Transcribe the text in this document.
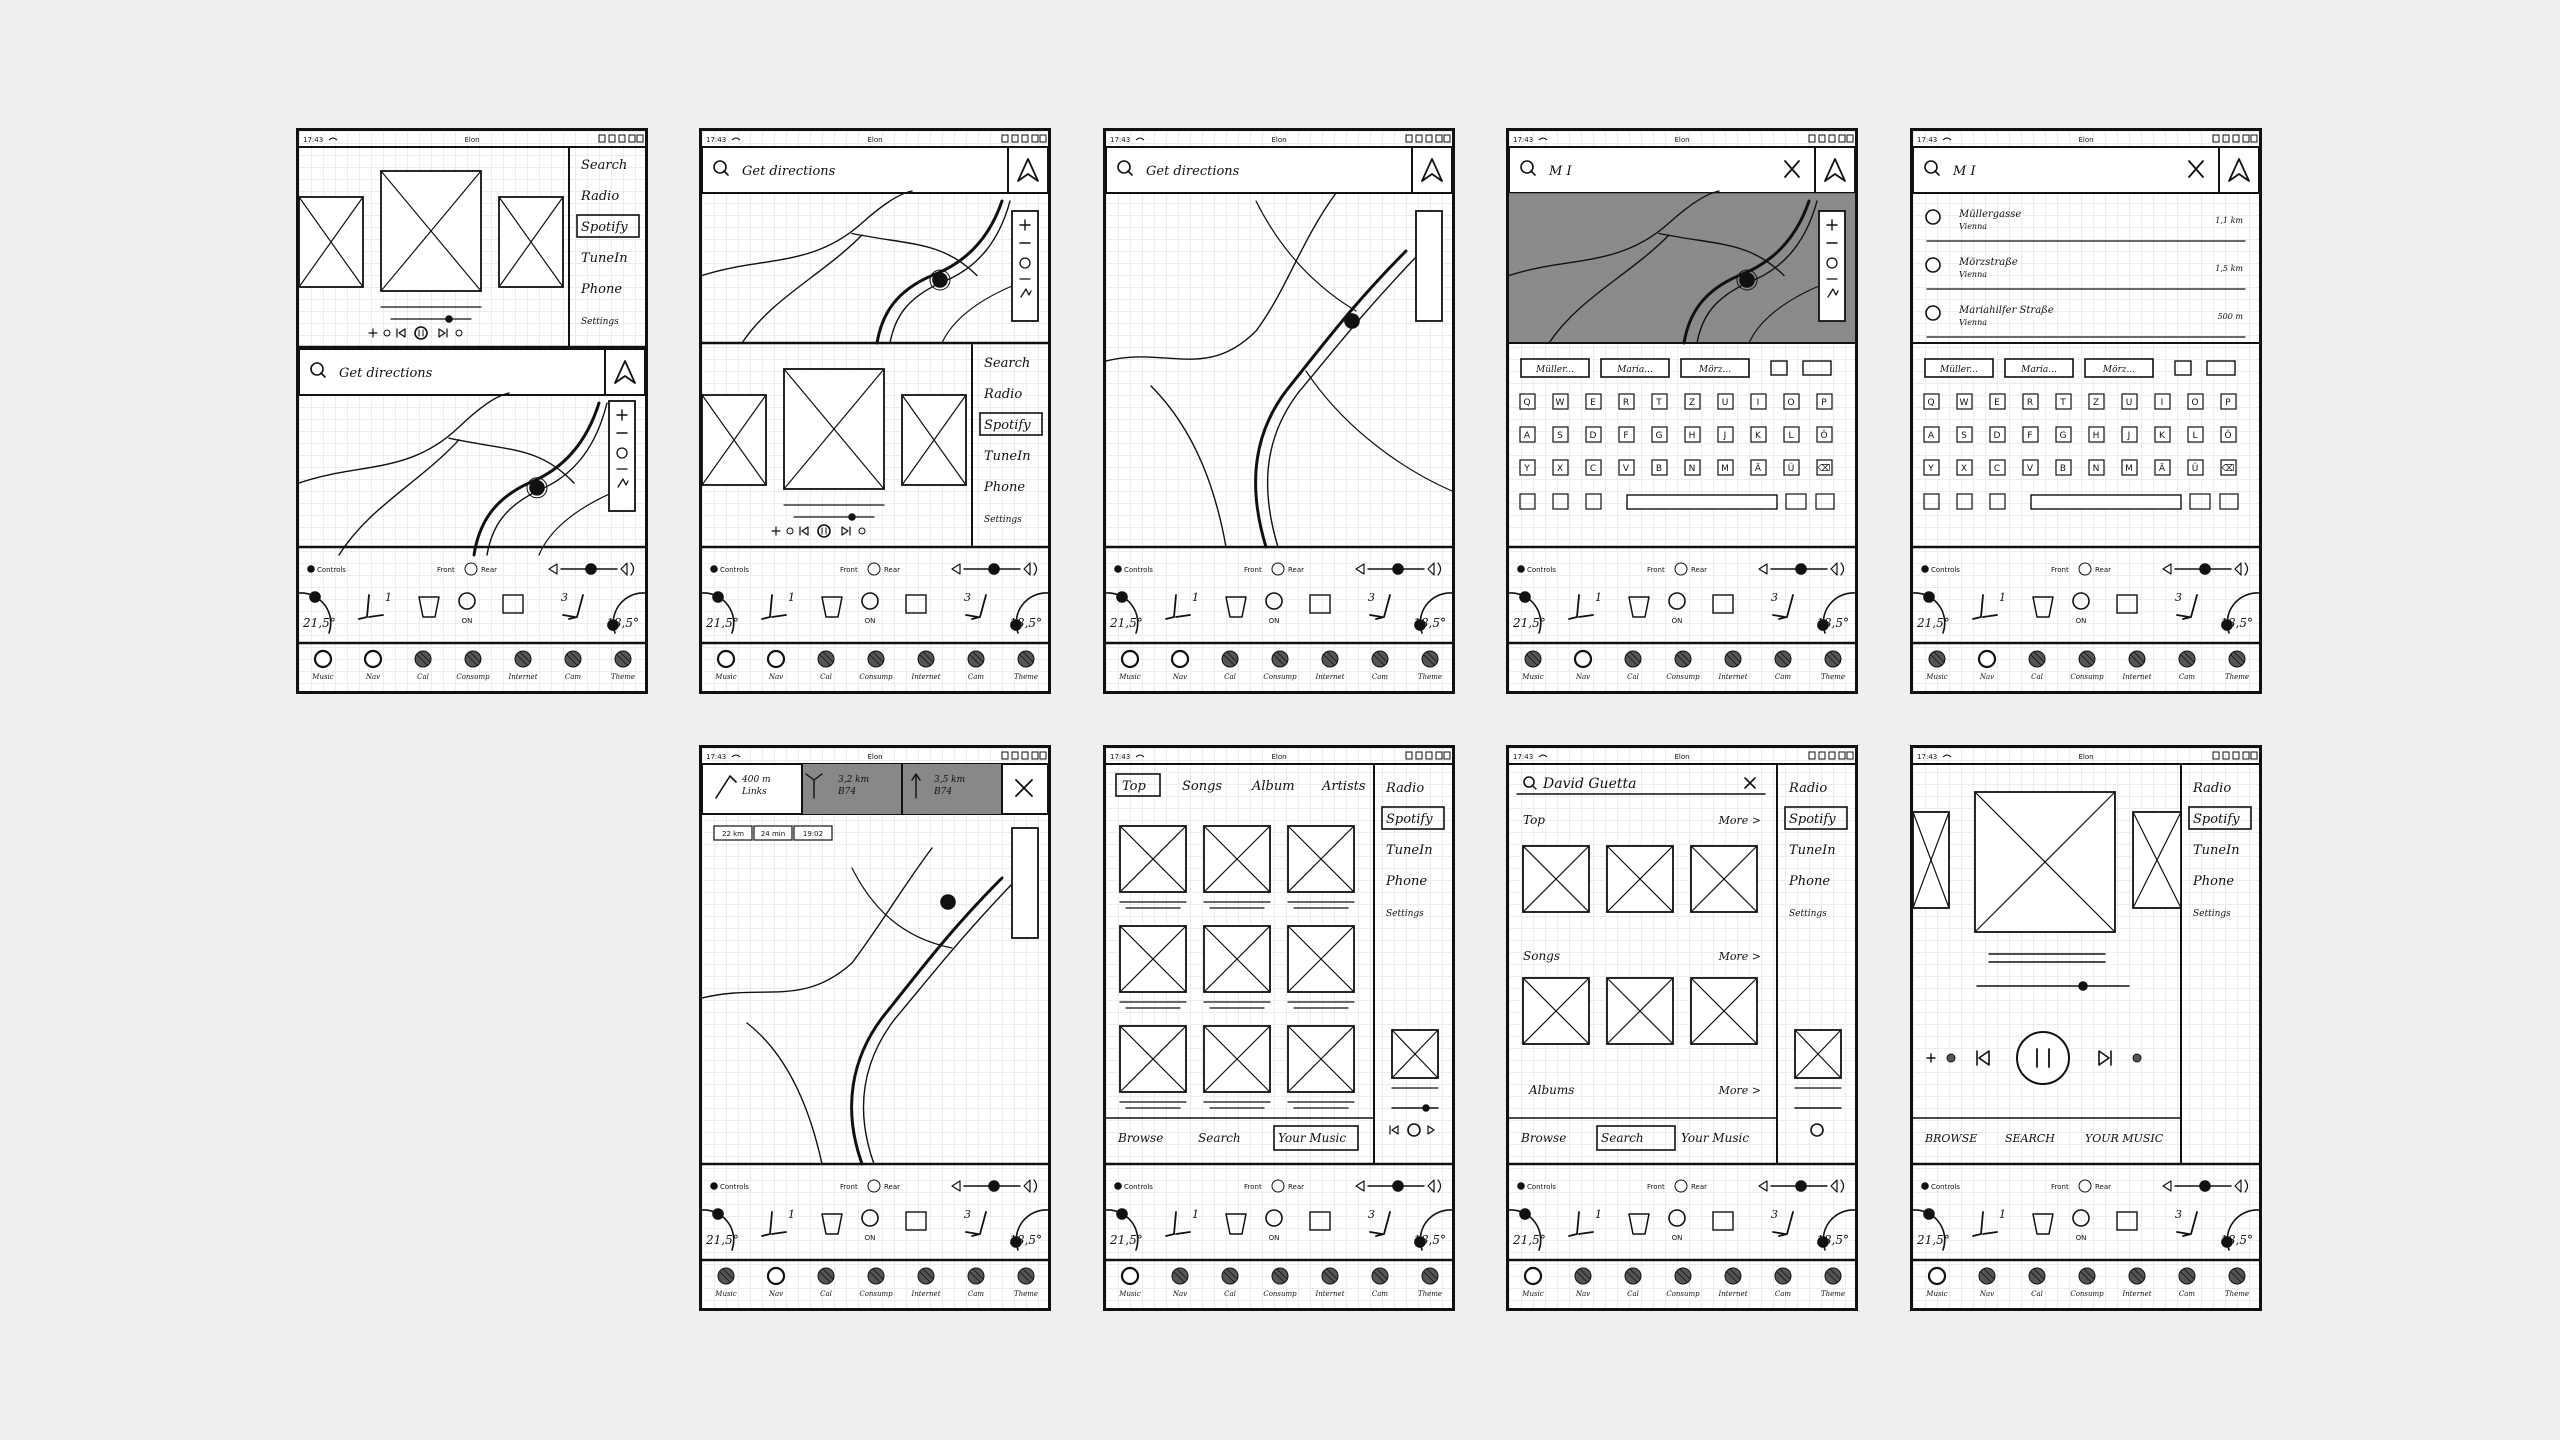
17:43	Elon
Search
Radio
Spotify
TuneIn
Phone
Settings
Get directions
Controls	Front	Rear
21,5°
1
ON
3
18,5°
Music	Nav	Cal	Consump	Internet	Cam	Theme
17:43	Elon
Get directions
Search
Radio
Spotify
TuneIn
Phone
Settings
Controls	Front	Rear
21,5°
1
ON
3
18,5°
Music	Nav	Cal	Consump	Internet	Cam	Theme
17:43	Elon
Get directions
Controls	Front	Rear
21,5°
1
ON
3
18,5°
Music	Nav	Cal	Consump	Internet	Cam	Theme
17:43	Elon
M I
Müller...	Maria...	Mörz...
Q	W	E	R	T	Z	U	I	O	P
A	S	D	F	G	H	J	K	L	Ö
Y	X	C	V	B	N	M	Ä	Ü	⌫
Controls	Front	Rear
21,5°
1
ON
3
18,5°
Music	Nav	Cal	Consump	Internet	Cam	Theme
17:43	Elon
M I
Müllergasse
Vienna
1,1 km
Mörzstraße
Vienna
1,5 km
Mariahilfer Straße
Vienna
500 m
Müller...	Maria...	Mörz...
Q	W	E	R	T	Z	U	I	O	P
A	S	D	F	G	H	J	K	L	Ö
Y	X	C	V	B	N	M	Ä	Ü	⌫
Controls	Front	Rear
21,5°
1
ON
3
18,5°
Music	Nav	Cal	Consump	Internet	Cam	Theme
17:43	Elon
400 m
Links
3,2 km
B74
3,5 km
B74
22 km 24 min	19:02
Controls	Front	Rear
21,5°
1
ON
3
18,5°
Music	Nav	Cal	Consump	Internet	Cam	Theme
17:43	Elon
Top	Songs Album Artists Radio
Spotify
TuneIn
Phone
Settings
Browse	Search	Your Music
Controls	Front	Rear
21,5°
1
ON
3
18,5°
Music	Nav	Cal	Consump	Internet	Cam	Theme
17:43	Elon
David Guetta	Radio
Spotify
TuneIn
Phone
Settings
Top	More >
Songs	More >
Albums	More >
Browse	Search	Your Music
Controls	Front	Rear
21,5°
1
ON
3
18,5°
Music	Nav	Cal	Consump	Internet	Cam	Theme
17:43	Elon
Radio
Spotify
TuneIn
Phone
Settings
BROWSE	SEARCH	YOUR MUSIC
Controls	Front	Rear
21,5°
1
ON
3
18,5°
Music	Nav	Cal	Consump	Internet	Cam	Theme
